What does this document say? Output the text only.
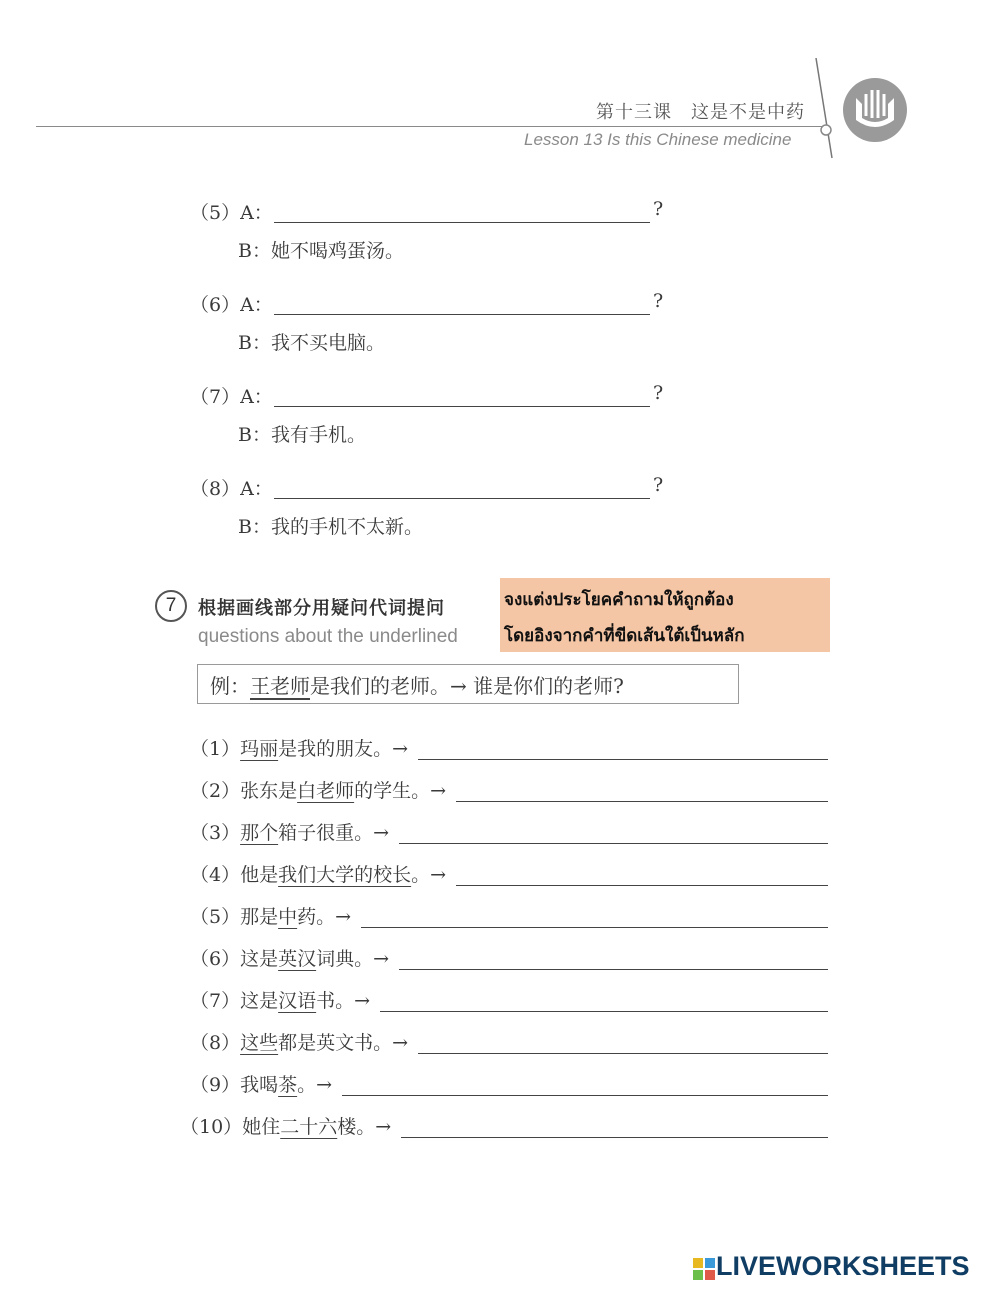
第十三课　这是不是中药
Lesson 13 Is this Chinese medicine
（5）A：	?
B：她不喝鸡蛋汤。
（6）A：	?
B：我不买电脑。
（7）A：	?
B：我有手机。
（8）A：	?
B：我的手机不太新。
7	根据画线部分用疑问代词提问
questions about the underlined
จงแต่งประโยคคำถามให้ถูกต้อง
โดยอิงจากคำที่ขีดเส้นใต้เป็นหลัก
例：王老师是我们的老师。→ 谁是你们的老师?
（1）玛丽是我的朋友。→
（2）张东是白老师的学生。→
（3）那个箱子很重。→
（4）他是我们大学的校长。→
（5）那是中药。→
（6）这是英汉词典。→
（7）这是汉语书。→
（8）这些都是英文书。→
（9）我喝茶。→
（10）她住二十六楼。→
LIVEWORKSHEETS
